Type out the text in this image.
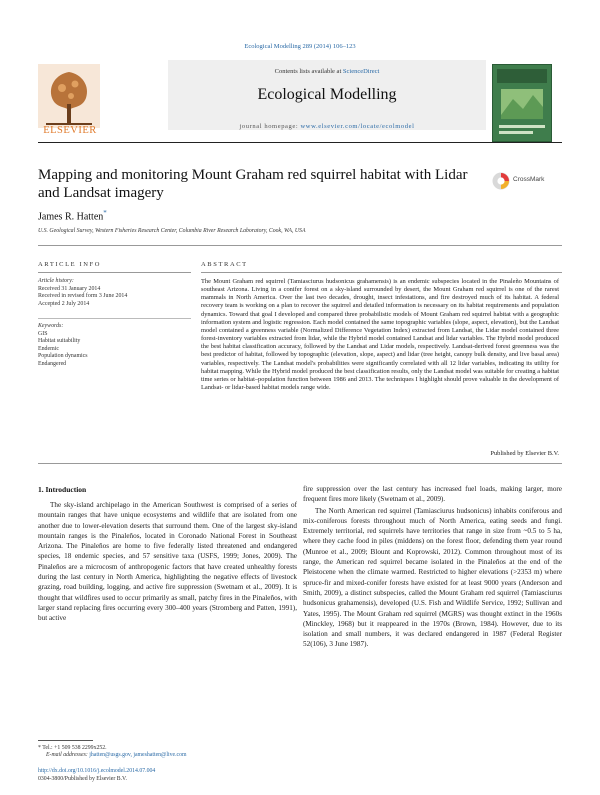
Ecological Modelling 289 (2014) 106–123
Contents lists available at ScienceDirect
Ecological Modelling
journal homepage: www.elsevier.com/locate/ecolmodel
ELSEVIER
Mapping and monitoring Mount Graham red squirrel habitat with Lidar and Landsat imagery
CrossMark
James R. Hatten*
U.S. Geological Survey, Western Fisheries Research Center, Columbia River Research Laboratory, Cook, WA, USA
ARTICLE INFO	ABSTRACT
Article history:
Received 31 January 2014
Received in revised form 3 June 2014
Accepted 2 July 2014
Keywords:
GIS
Habitat suitability
Endemic
Population dynamics
Endangered
The Mount Graham red squirrel (Tamiasciurus hudsonicus grahamensis) is an endemic subspecies located in the Pinaleño Mountains of southeast Arizona. Living in a conifer forest on a sky-island surrounded by desert, the Mount Graham red squirrel is one of the rarest mammals in North America. Over the last two decades, drought, insect infestations, and fire destroyed much of its habitat. A federal recovery team is working on a plan to recover the squirrel and detailed information is necessary on its habitat requirements and population dynamics. Toward that goal I developed and compared three probabilistic models of Mount Graham red squirrel habitat with a geographic information system and logistic regression. Each model contained the same topographic variables (slope, aspect, elevation), but the Landsat model contained a greenness variable (Normalized Difference Vegetation Index) extracted from Landsat, the Lidar model contained three forest-inventory variables extracted from lidar, while the Hybrid model contained Landsat and lidar variables. The Hybrid model produced the best habitat classification accuracy, followed by the Landsat and Lidar models, respectively. Landsat-derived forest greenness was the best predictor of habitat, followed by topographic (elevation, slope, aspect) and lidar (tree height, canopy bulk density, and live basal area) variables, respectively. The Landsat model's probabilities were significantly correlated with all 12 lidar variables, indicating its utility for habitat mapping. While the Hybrid model produced the best classification results, only the Landsat model was suitable for creating a habitat time series or habitat–population function between 1986 and 2013. The techniques I highlight should prove valuable in the development of Landsat- or lidar-based habitat models range wide.
Published by Elsevier B.V.
1. Introduction
The sky-island archipelago in the American Southwest is comprised of a series of mountain ranges that have unique ecosystems and wildlife that are isolated from one another due to lower-elevation deserts that surround them. One of the largest sky-island mountain ranges is the Pinaleños, located in Coronado National Forest in Southeast Arizona. The Pinaleños are home to five federally listed threatened and endangered species, 18 endemic species, and 57 sensitive taxa (USFS, 1999; Jones, 2009). The Pinaleños are a microcosm of anthropogenic factors that have created unhealthy forests during the last century in North America, highlighting the negative effects of livestock grazing, road building, logging, and active fire suppression (Swetnam et al., 2009). It is thought that wildfires used to occur primarily as small, patchy fires in the Pinaleños, with larger stand replacing fires occurring every 300–400 years (Stromberg and Patten, 1991), but active
fire suppression over the last century has increased fuel loads, making larger, more frequent fires more likely (Swetnam et al., 2009).
The North American red squirrel (Tamiasciurus hudsonicus) inhabits coniferous and mix-coniferous forests throughout much of North America, eating seeds and fungi. Extremely territorial, red squirrels have territories that range in size from ~0.5 to 5 ha, where they cache food in piles (middens) on the forest floor, defending them year round (Munroe et al., 2009; Blount and Koprowski, 2012). Common throughout most of its range, the American red squirrel became isolated in the Pinaleños at the end of the Pleistocene when the climate warmed. Restricted to higher elevations (>2353 m) where spruce-fir and mixed-conifer forests have existed for at least 9000 years (Anderson and Smith, 2009), a distinct subspecies, called the Mount Graham red squirrel (Tamiasciurus hudsonicus grahamensis), developed (U.S. Fish and Wildlife Service, 1992; Sullivan and Yates, 1995). The Mount Graham red squirrel (MGRS) was thought extinct in the 1960s (Minckley, 1968) but it reappeared in the 1970s (Brown, 1984). However, due to its isolation and small numbers, it was declared endangered in 1987 (Federal Register 52(106), 3 June 1987).
* Tel.: +1 509 538 2299x252.
E-mail addresses: jhatten@usgs.gov, jameshatten@live.com
http://dx.doi.org/10.1016/j.ecolmodel.2014.07.004
0304-3800/Published by Elsevier B.V.
